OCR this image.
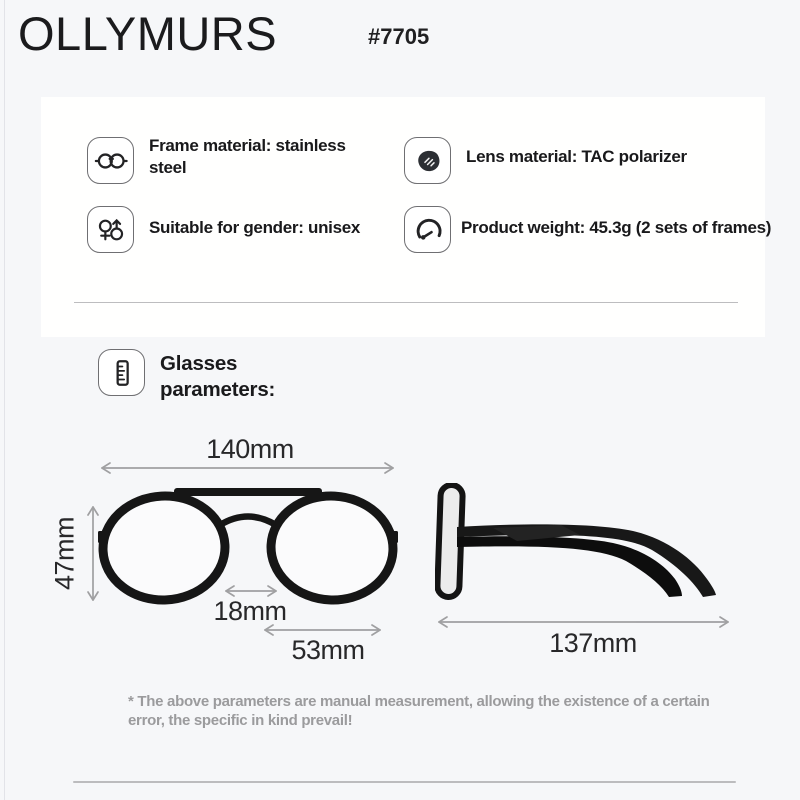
OLLYMURS	#7705
Frame material: stainless steel
Lens material: TAC polarizer
Suitable for gender: unisex	Product weight: 45.3g (2 sets of frames)
Glasses parameters:
140mm
47mm
18mm
53mm	137mm
* The above parameters are manual measurement, allowing the existence of a certain error, the specific in kind prevail!
